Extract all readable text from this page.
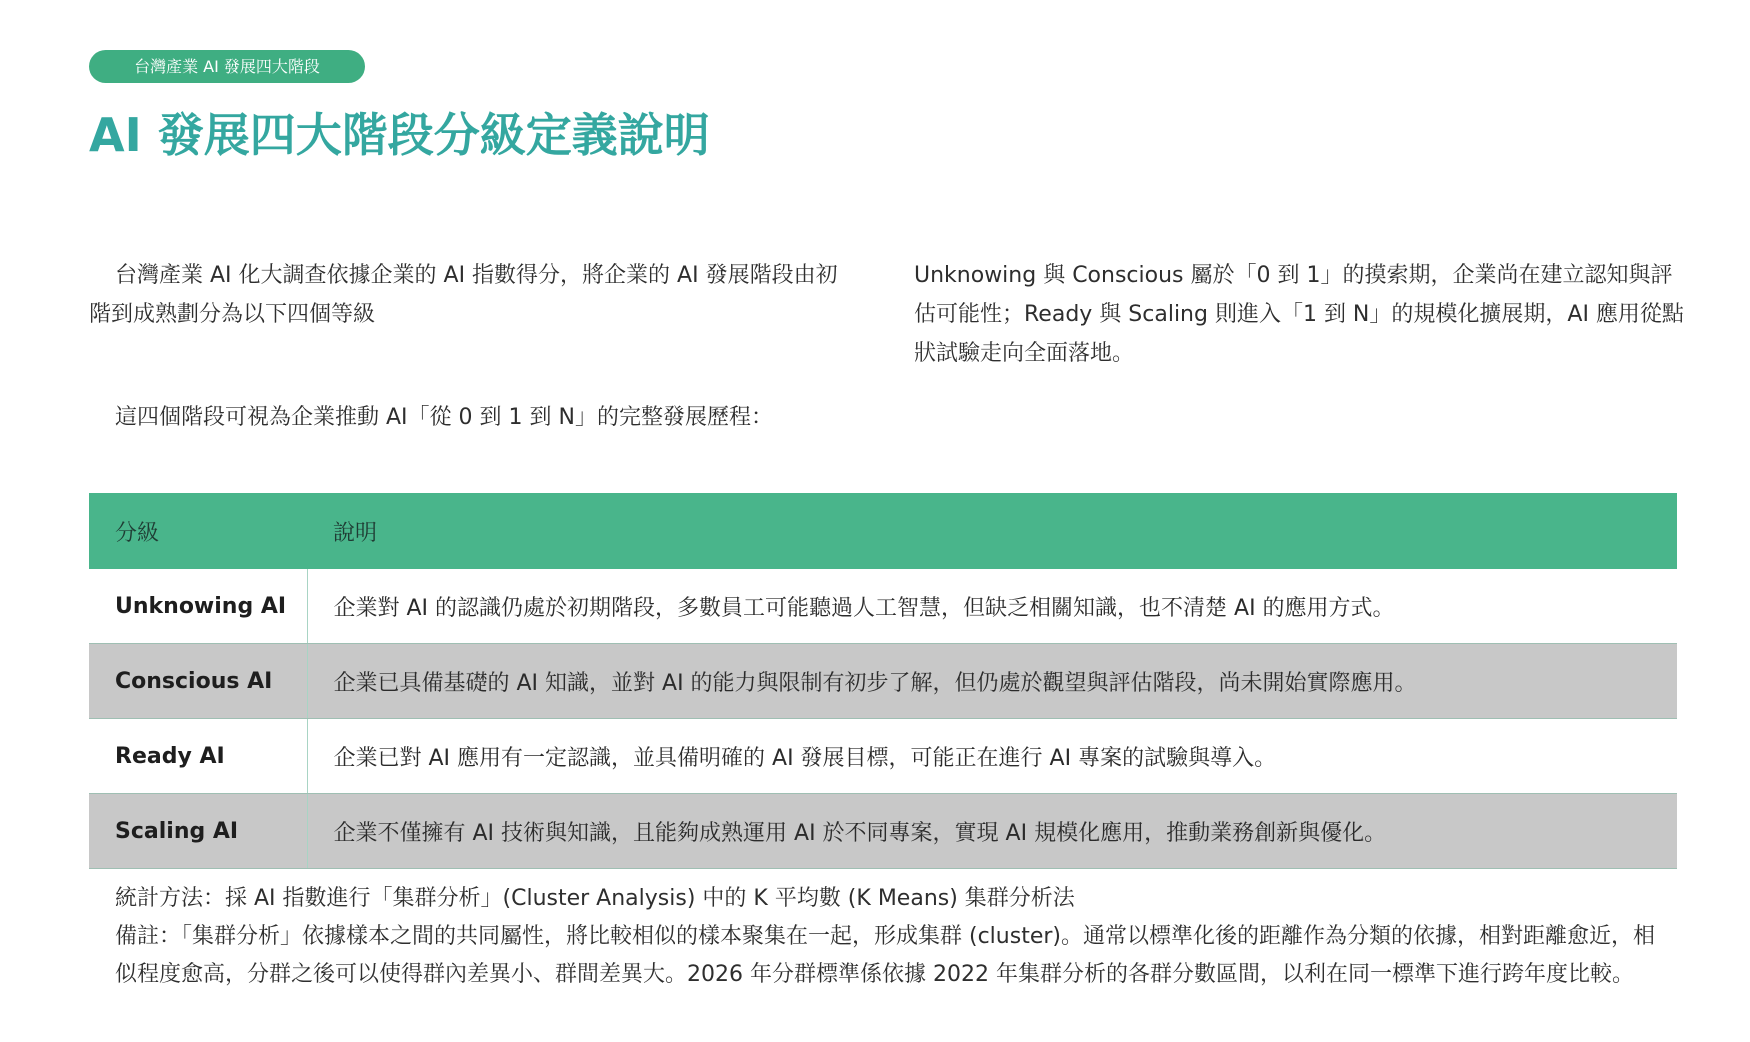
台灣產業 AI 發展四大階段
AI 發展四大階段分級定義說明

台灣產業 AI 化大調查依據企業的 AI 指數得分，將企業的 AI 發展階段由初階到成熟劃分為以下四個等級

Unknowing 與 Conscious 屬於「0 到 1」的摸索期，企業尚在建立認知與評估可能性；Ready 與 Scaling 則進入「1 到 N」的規模化擴展期，AI 應用從點狀試驗走向全面落地。

這四個階段可視為企業推動 AI「從 0 到 1 到 N」的完整發展歷程：

分級	說明
Unknowing AI	企業對 AI 的認識仍處於初期階段，多數員工可能聽過人工智慧，但缺乏相關知識，也不清楚 AI 的應用方式。
Conscious AI	企業已具備基礎的 AI 知識，並對 AI 的能力與限制有初步了解，但仍處於觀望與評估階段，尚未開始實際應用。
Ready AI	企業已對 AI 應用有一定認識，並具備明確的 AI 發展目標，可能正在進行 AI 專案的試驗與導入。
Scaling AI	企業不僅擁有 AI 技術與知識，且能夠成熟運用 AI 於不同專案，實現 AI 規模化應用，推動業務創新與優化。
統計方法：採 AI 指數進行「集群分析」(Cluster Analysis) 中的 K 平均數 (K Means) 集群分析法
備註：「集群分析」依據樣本之間的共同屬性，將比較相似的樣本聚集在一起，形成集群 (cluster)。通常以標準化後的距離作為分類的依據，相對距離愈近，相似程度愈高，分群之後可以使得群內差異小、群間差異大。2026 年分群標準係依據 2022 年集群分析的各群分數區間，以利在同一標準下進行跨年度比較。
